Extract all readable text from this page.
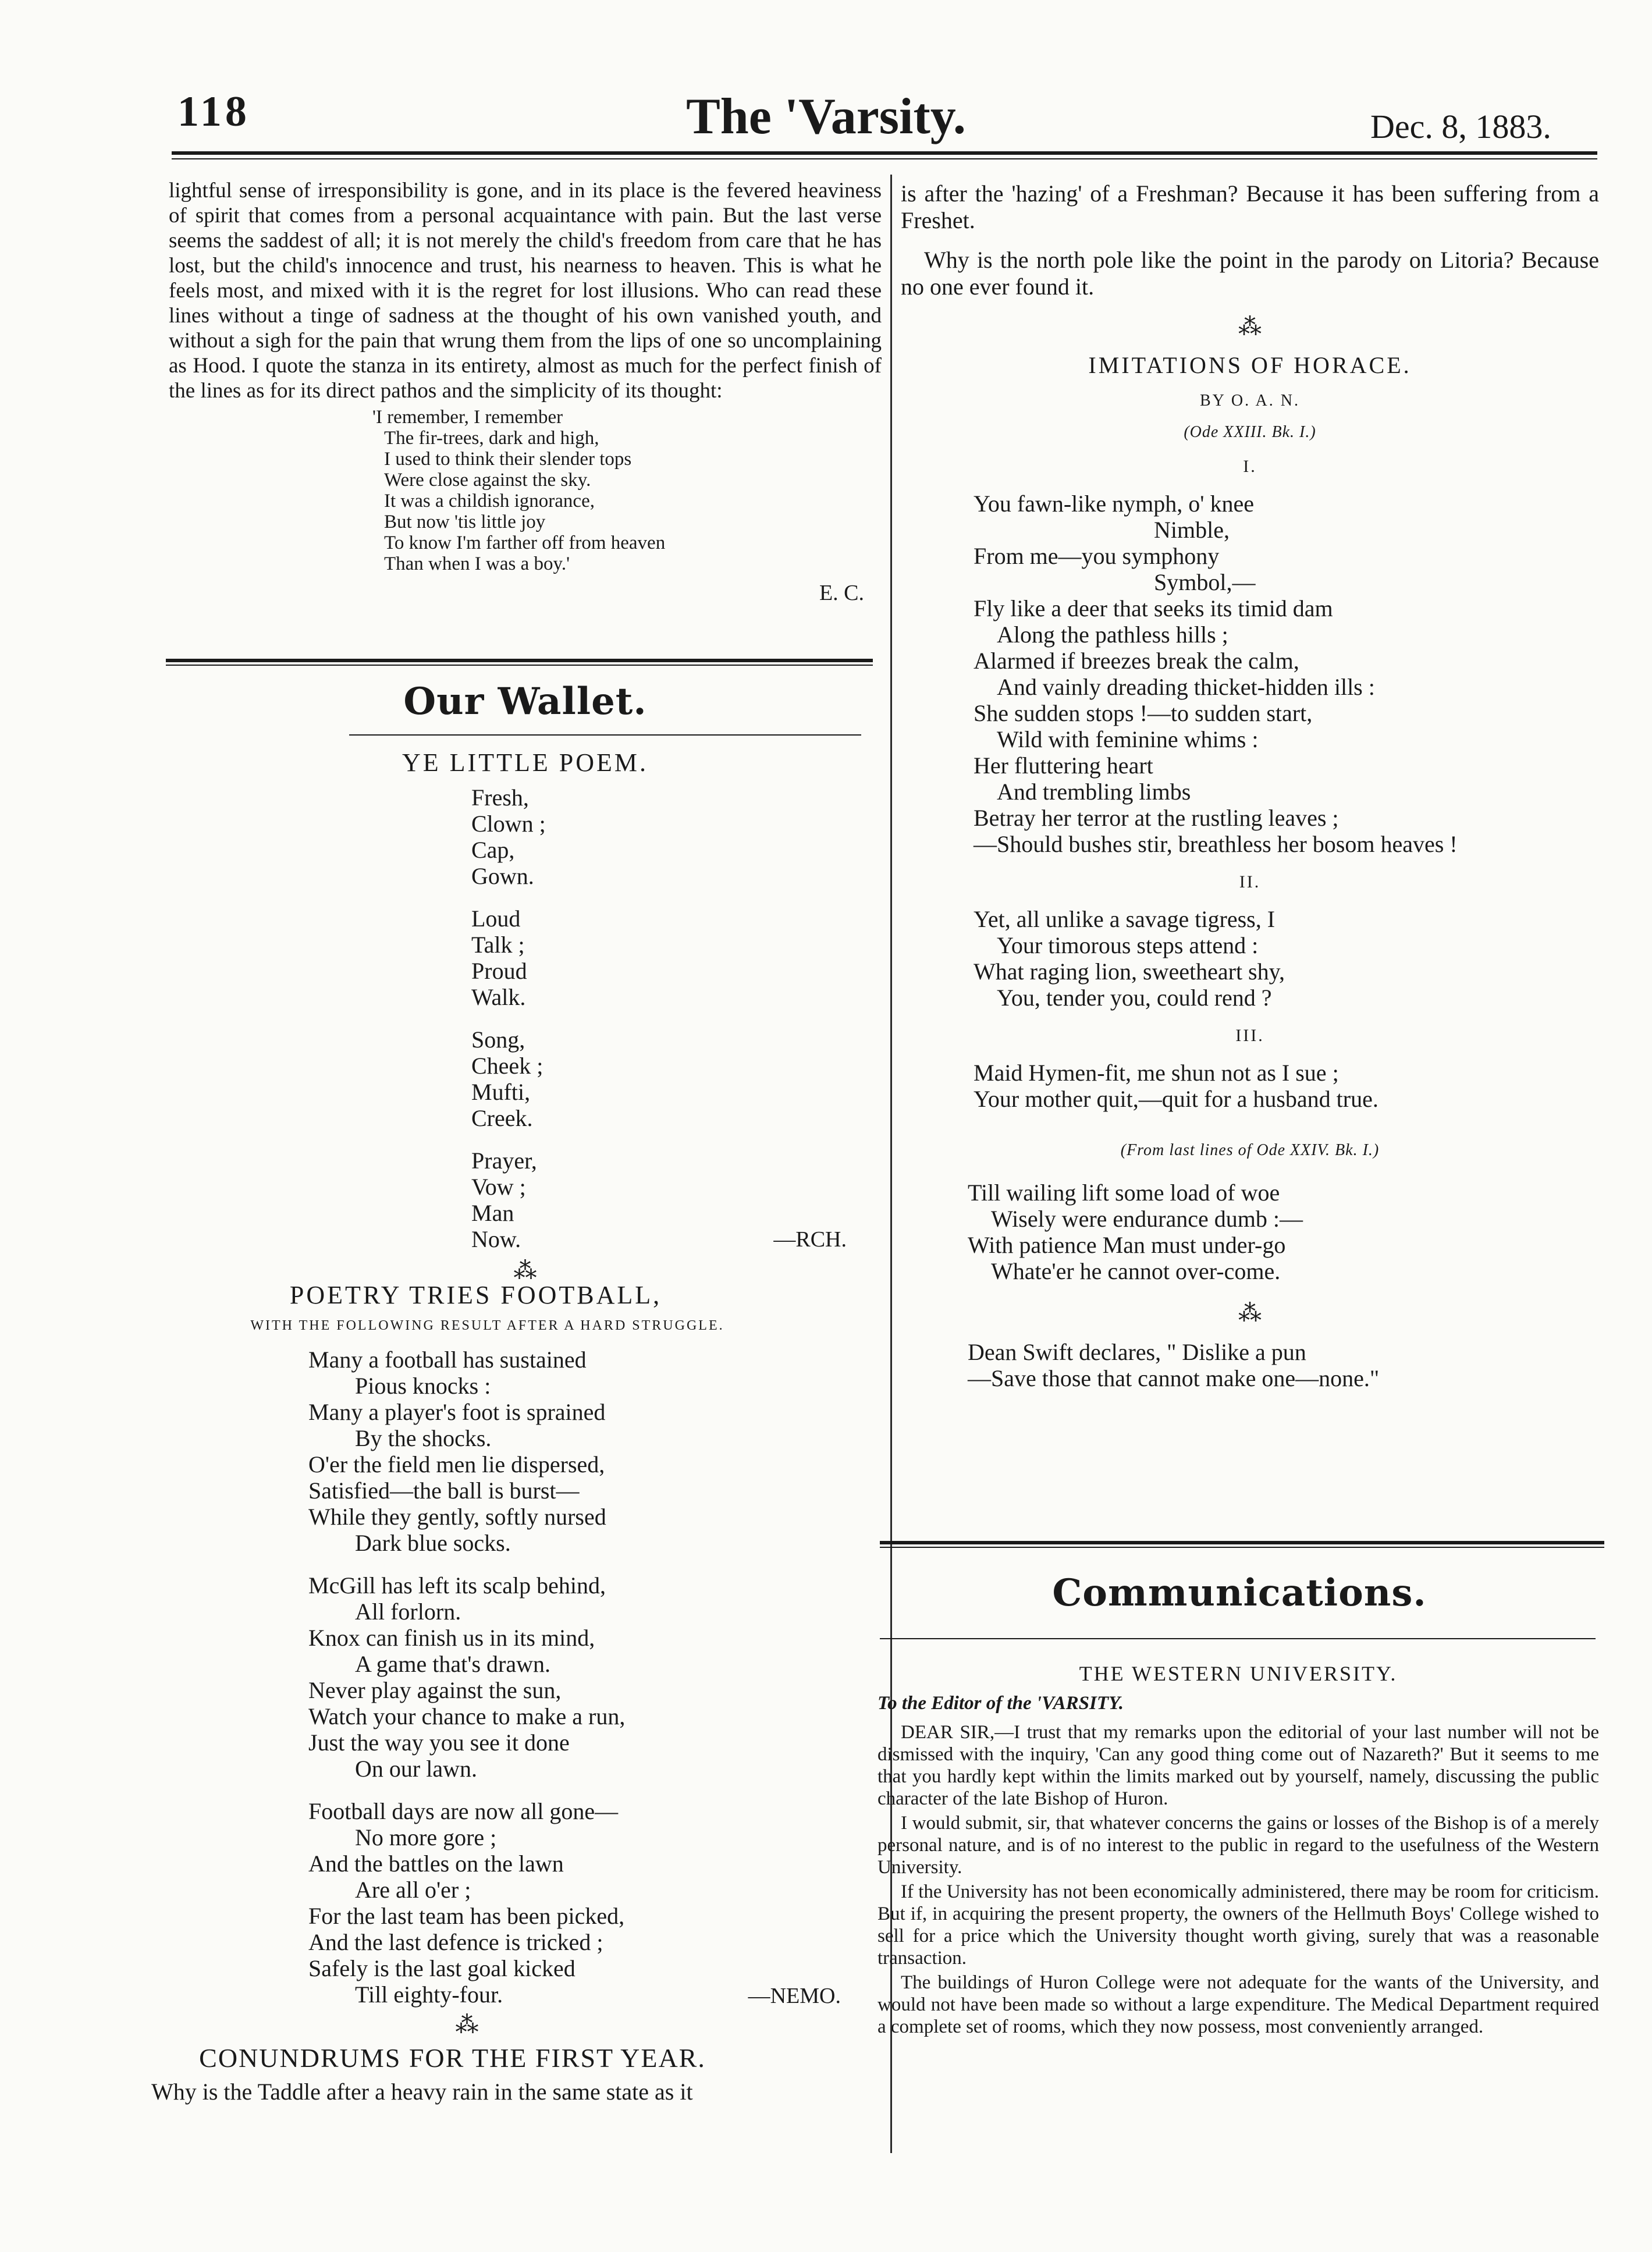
118	The 'Varsity.	Dec. 8, 1883.
lightful sense of irresponsibility is gone, and in its place is the fevered heaviness of spirit that comes from a personal acquaintance with pain. But the last verse seems the saddest of all; it is not merely the child's freedom from care that he has lost, but the child's innocence and trust, his nearness to heaven. This is what he feels most, and mixed with it is the regret for lost illusions. Who can read these lines without a tinge of sadness at the thought of his own vanished youth, and without a sigh for the pain that wrung them from the lips of one so uncomplaining as Hood. I quote the stanza in its entirety, almost as much for the perfect finish of the lines as for its direct pathos and the simplicity of its thought:
'I remember, I remember
The fir-trees, dark and high,
I used to think their slender tops
Were close against the sky.
It was a childish ignorance,
But now 'tis little joy
To know I'm farther off from heaven
Than when I was a boy.'
E. C.
Our Wallet.
YE LITTLE POEM.
Fresh,
Clown ;
Cap,
Gown.
Loud
Talk ;
Proud
Walk.
Song,
Cheek ;
Mufti,
Creek.
Prayer,
Vow ;
Man
Now.	—RCH.
⁂
POETRY TRIES FOOTBALL,
WITH THE FOLLOWING RESULT AFTER A HARD STRUGGLE.
Many a football has sustained
Pious knocks :
Many a player's foot is sprained
By the shocks.
O'er the field men lie dispersed,
Satisfied—the ball is burst—
While they gently, softly nursed
Dark blue socks.
McGill has left its scalp behind,
All forlorn.
Knox can finish us in its mind,
A game that's drawn.
Never play against the sun,
Watch your chance to make a run,
Just the way you see it done
On our lawn.
Football days are now all gone—
No more gore ;
And the battles on the lawn
Are all o'er ;
For the last team has been picked,
And the last defence is tricked ;
Safely is the last goal kicked
Till eighty-four.	—NEMO.
⁂
CONUNDRUMS FOR THE FIRST YEAR.
Why is the Taddle after a heavy rain in the same state as it
is after the 'hazing' of a Freshman? Because it has been suffering from a Freshet.
Why is the north pole like the point in the parody on Litoria? Because no one ever found it.
⁂
IMITATIONS OF HORACE.
BY O. A. N.
(Ode XXIII. Bk. I.)
I.
You fawn-like nymph, o' knee
Nimble,
From me—you symphony
Symbol,—
Fly like a deer that seeks its timid dam
Along the pathless hills ;
Alarmed if breezes break the calm,
And vainly dreading thicket-hidden ills :
She sudden stops !—to sudden start,
Wild with feminine whims :
Her fluttering heart
And trembling limbs
Betray her terror at the rustling leaves ;
—Should bushes stir, breathless her bosom heaves !
II.
Yet, all unlike a savage tigress, I
Your timorous steps attend :
What raging lion, sweetheart shy,
You, tender you, could rend ?
III.
Maid Hymen-fit, me shun not as I sue ;
Your mother quit,—quit for a husband true.
(From last lines of Ode XXIV. Bk. I.)
Till wailing lift some load of woe
Wisely were endurance dumb :—
With patience Man must under-go
Whate'er he cannot over-come.
⁂
Dean Swift declares, " Dislike a pun
—Save those that cannot make one—none."
Communications.
THE WESTERN UNIVERSITY.
To the Editor of the 'VARSITY.

DEAR SIR,—I trust that my remarks upon the editorial of your last number will not be dismissed with the inquiry, 'Can any good thing come out of Nazareth?' But it seems to me that you hardly kept within the limits marked out by yourself, namely, discussing the public character of the late Bishop of Huron.

I would submit, sir, that whatever concerns the gains or losses of the Bishop is of a merely personal nature, and is of no interest to the public in regard to the usefulness of the Western University.

If the University has not been economically administered, there may be room for criticism. But if, in acquiring the present property, the owners of the Hellmuth Boys' College wished to sell for a price which the University thought worth giving, surely that was a reasonable transaction.

The buildings of Huron College were not adequate for the wants of the University, and would not have been made so without a large expenditure. The Medical Department required a complete set of rooms, which they now possess, most conveniently arranged.
